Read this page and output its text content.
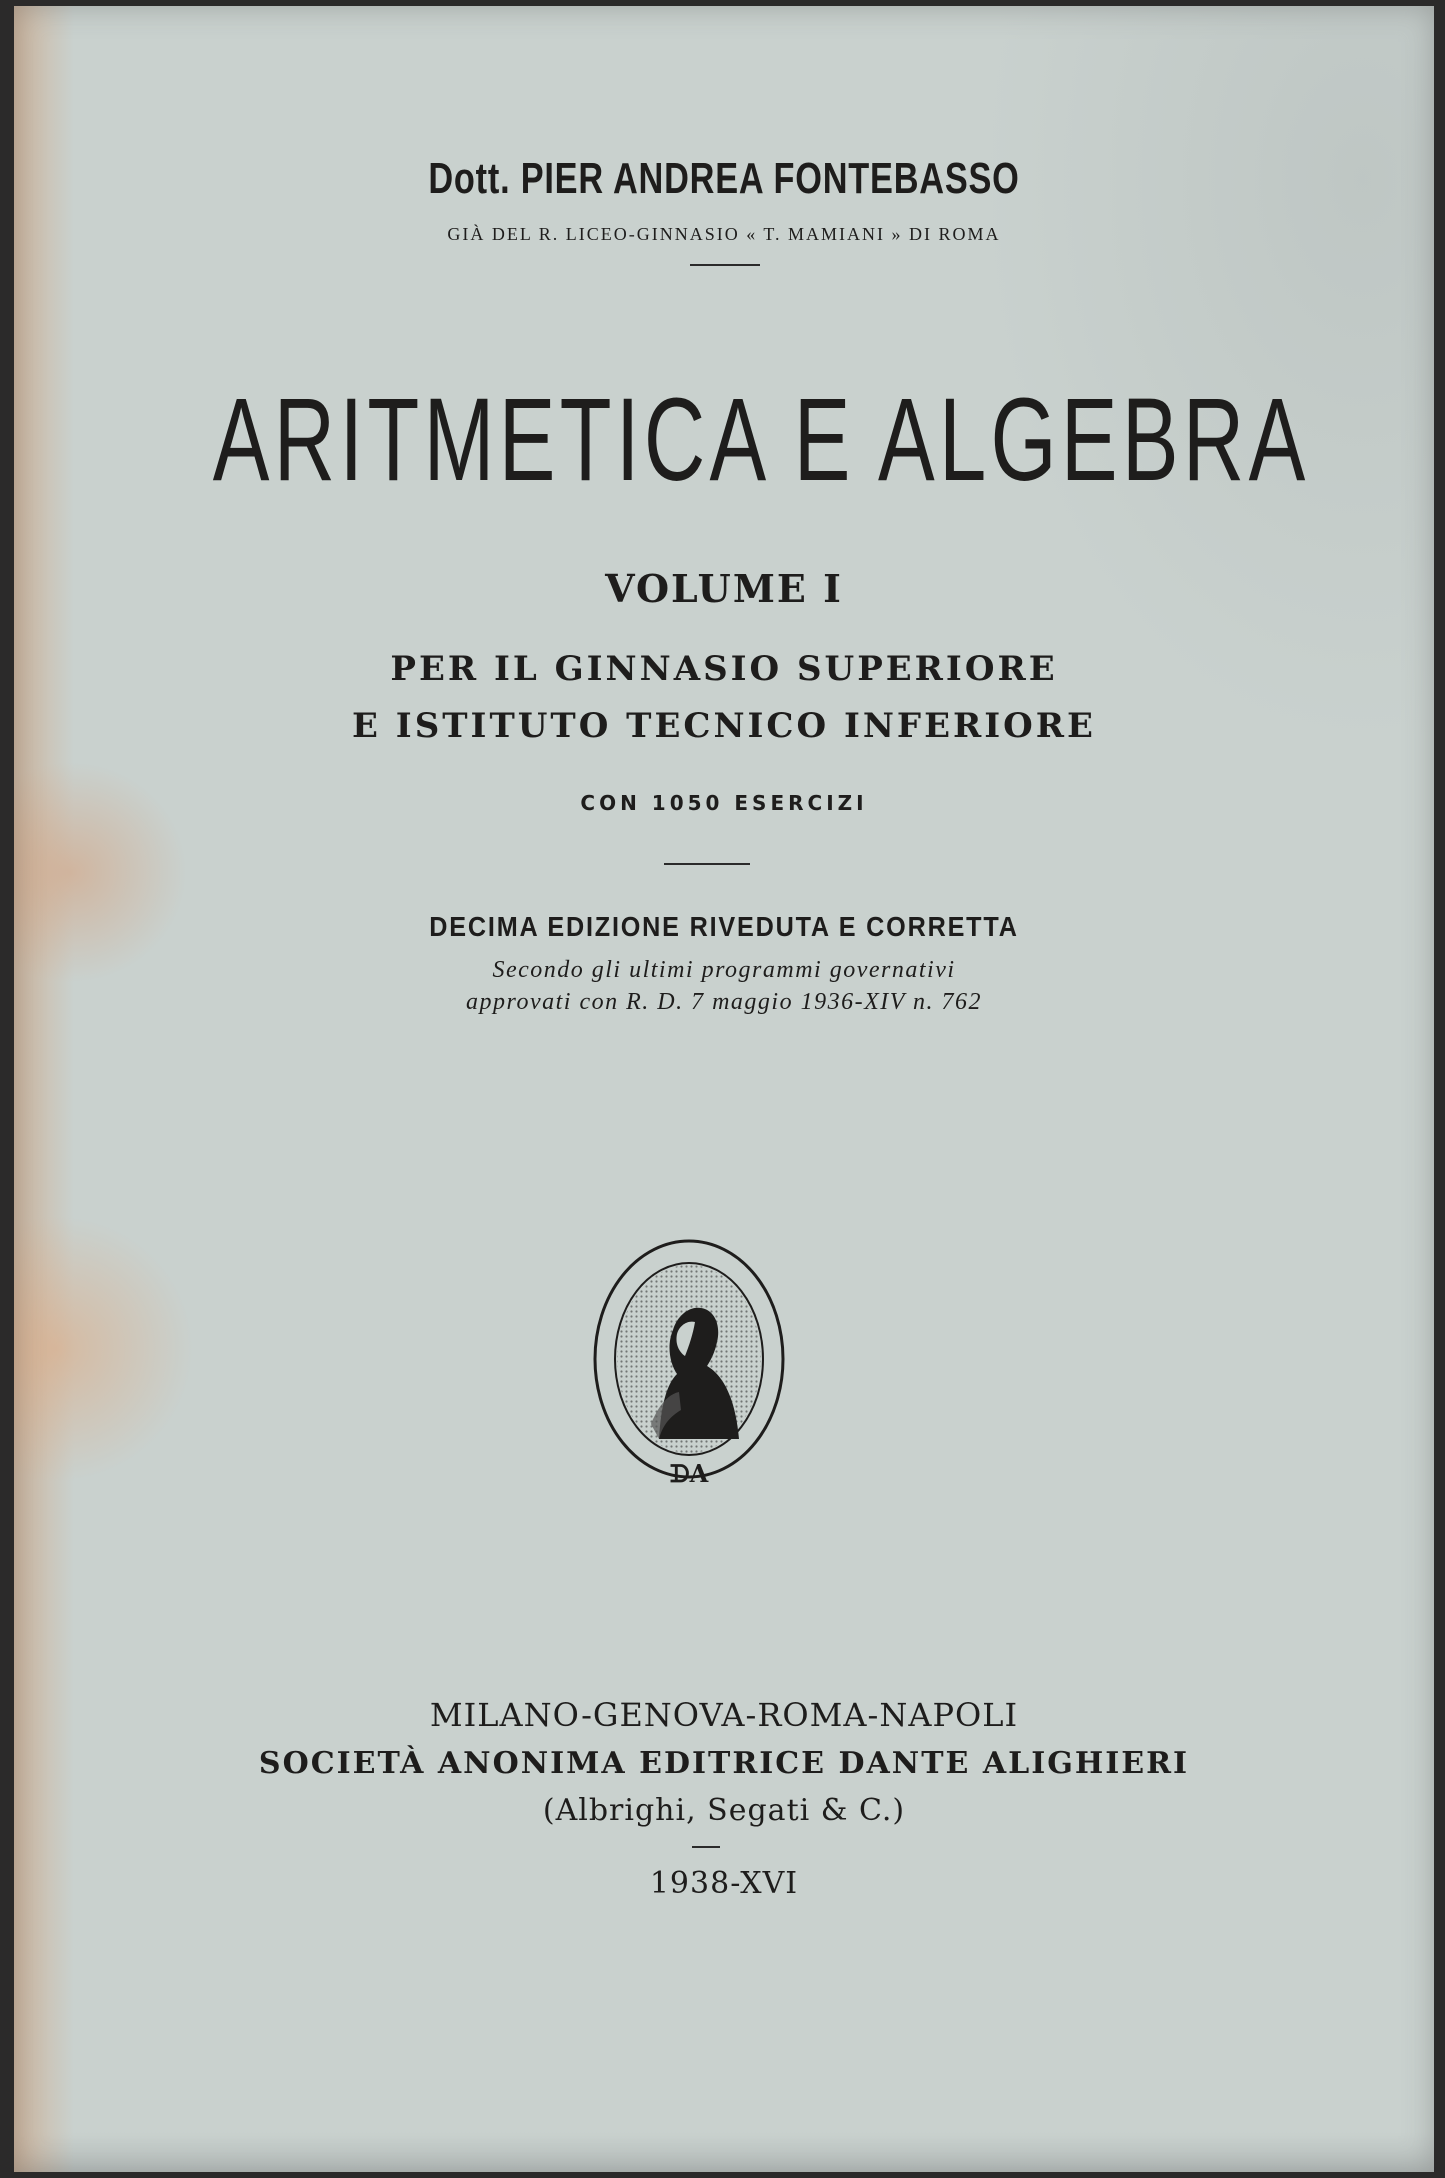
Dott. PIER ANDREA FONTEBASSO
GIÀ DEL R. LICEO-GINNASIO « T. MAMIANI » DI ROMA
ARITMETICA E ALGEBRA
VOLUME I
PER IL GINNASIO SUPERIORE
E ISTITUTO TECNICO INFERIORE
CON 1050 ESERCIZI
DECIMA EDIZIONE RIVEDUTA E CORRETTA
Secondo gli ultimi programmi governativi
approvati con R. D. 7 maggio 1936-XIV n. 762
ᗪA
MILANO-GENOVA-ROMA-NAPOLI
SOCIETÀ ANONIMA EDITRICE DANTE ALIGHIERI
(Albrighi, Segati & C.)
1938-XVI
